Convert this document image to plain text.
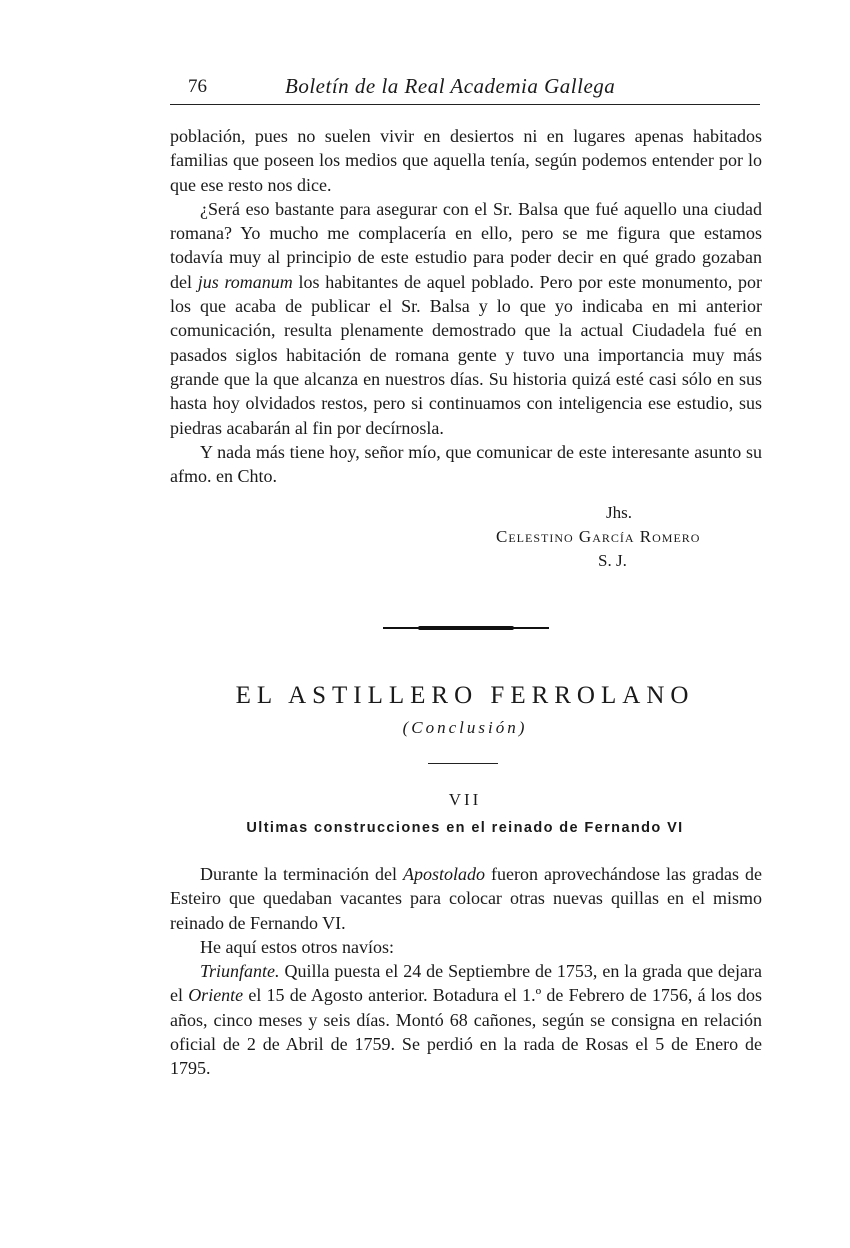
76	Boletín de la Real Academia Gallega

población, pues no suelen vivir en desiertos ni en lugares apenas habitados familias que poseen los medios que aquella tenía, según podemos entender por lo que ese resto nos dice.

¿Será eso bastante para asegurar con el Sr. Balsa que fué aquello una ciudad romana? Yo mucho me complacería en ello, pero se me figura que estamos todavía muy al principio de este estudio para poder decir en qué grado gozaban del jus romanum los habitantes de aquel poblado. Pero por este monumento, por los que acaba de publicar el Sr. Balsa y lo que yo indicaba en mi anterior comunicación, resulta plenamente demostrado que la actual Ciudadela fué en pasados siglos habitación de romana gente y tuvo una importancia muy más grande que la que alcanza en nuestros días. Su historia quizá esté casi sólo en sus hasta hoy olvidados restos, pero si continuamos con inteligencia ese estudio, sus piedras acabarán al fin por decírnosla.

Y nada más tiene hoy, señor mío, que comunicar de este interesante asunto su afmo. en Chto.

Jhs.
Celestino García Romero
S. J.
EL ASTILLERO FERROLANO
(Conclusión)
VII
Ultimas construcciones en el reinado de Fernando VI

Durante la terminación del Apostolado fueron aprovechándose las gradas de Esteiro que quedaban vacantes para colocar otras nuevas quillas en el mismo reinado de Fernando VI.

He aquí estos otros navíos:

Triunfante. Quilla puesta el 24 de Septiembre de 1753, en la grada que dejara el Oriente el 15 de Agosto anterior. Botadura el 1.º de Febrero de 1756, á los dos años, cinco meses y seis días. Montó 68 cañones, según se consigna en relación oficial de 2 de Abril de 1759. Se perdió en la rada de Rosas el 5 de Enero de 1795.
